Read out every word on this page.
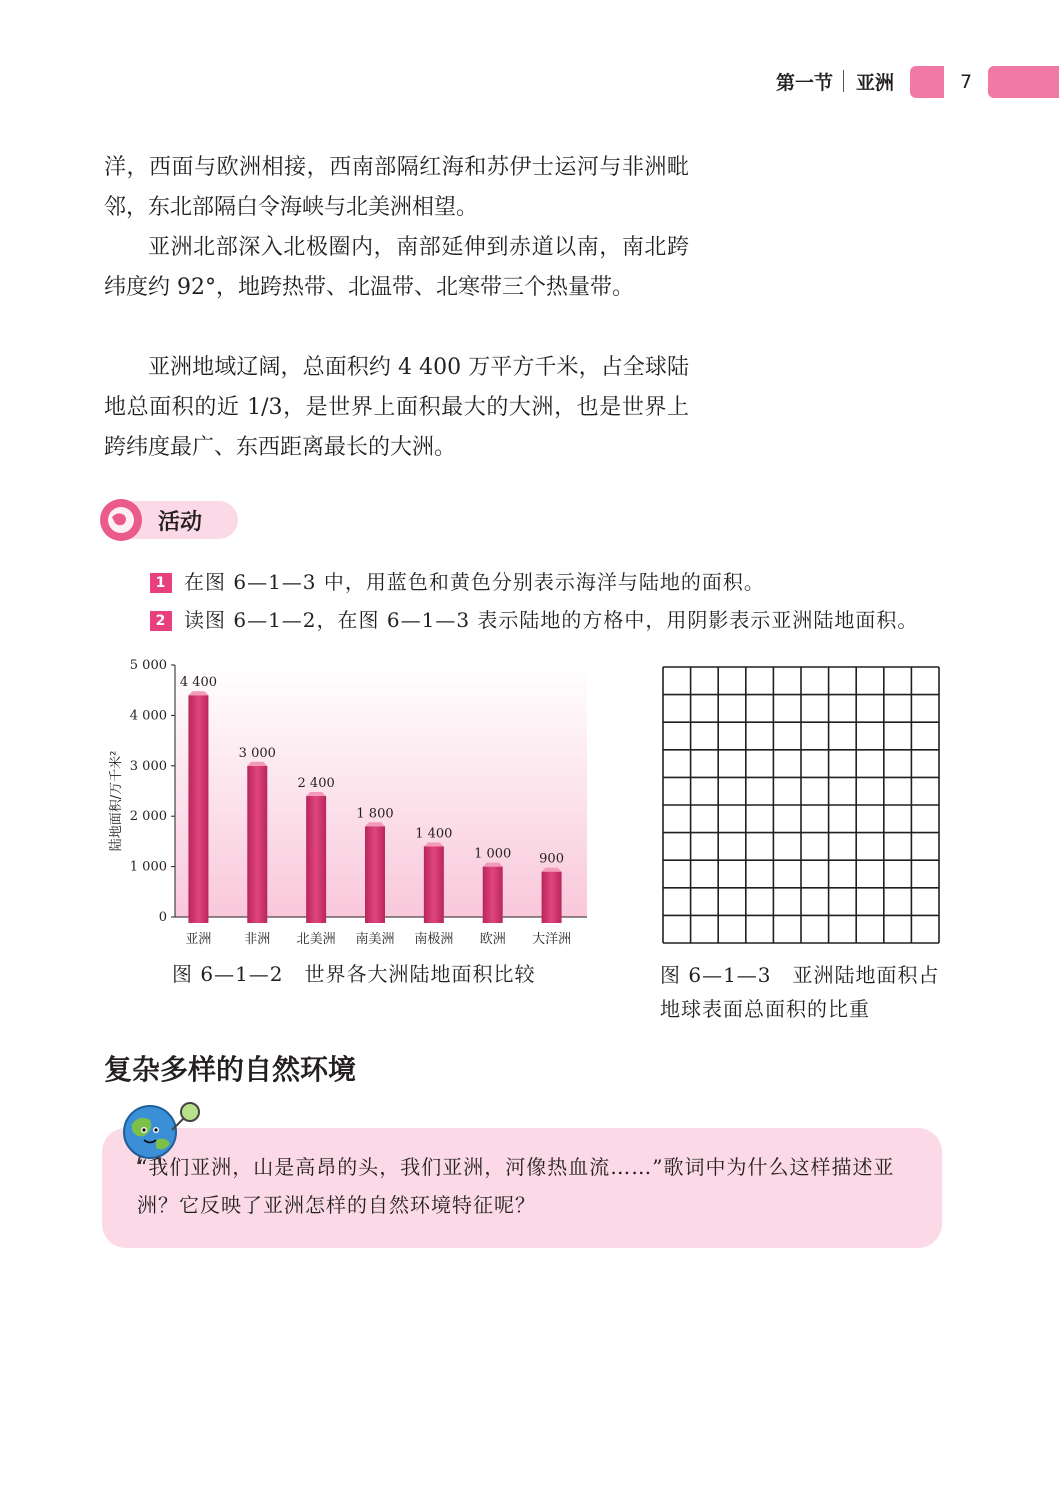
第一节 亚洲	7

洋，西面与欧洲相接，西南部隔红海和苏伊士运河与非洲毗邻，东北部隔白令海峡与北美洲相望。

亚洲北部深入北极圈内，南部延伸到赤道以南，南北跨纬度约 92°，地跨热带、北温带、北寒带三个热量带。

亚洲地域辽阔，总面积约 4 400 万平方千米，占全球陆地总面积的近 1/3，是世界上面积最大的大洲，也是世界上跨纬度最广、东西距离最长的大洲。

活动
1 在图 6—1—3 中，用蓝色和黄色分别表示海洋与陆地的面积。
2 读图 6—1—2，在图 6—1—3 表示陆地的方格中，用阴影表示亚洲陆地面积。
0
1 000
2 000
3 000
4 000
5 000
陆地面积/万千米²
4 400
亚洲
3 000
非洲
2 400
北美洲
1 800
南美洲
1 400
南极洲
1 000
欧洲
900
大洋洲
图 6—1—2　世界各大洲陆地面积比较	图 6—1—3　亚洲陆地面积占
地球表面总面积的比重
复杂多样的自然环境

“我们亚洲，山是高昂的头，我们亚洲，河像热血流……”歌词中为什么这样描述亚洲？它反映了亚洲怎样的自然环境特征呢？
